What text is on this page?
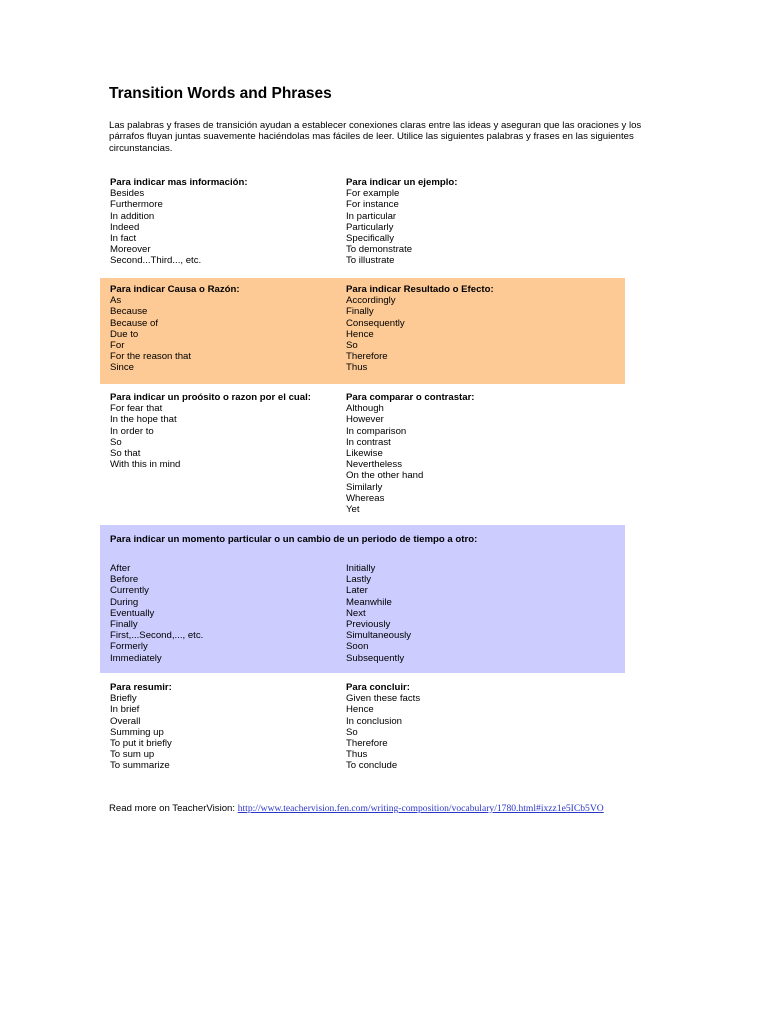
Transition Words and Phrases

Las palabras y frases de transición ayudan a establecer conexiones claras entre las ideas y aseguran que las oraciones y los párrafos fluyan juntas suavemente haciéndolas mas fáciles de leer. Utilice las siguientes palabras y frases en las siguientes circunstancias.

Para indicar mas información:
Besides
Furthermore
In addition
Indeed
In fact
Moreover
Second...Third..., etc.
Para indicar un ejemplo:
For example
For instance
In particular
Particularly
Specifically
To demonstrate
To illustrate
Para indicar Causa o Razón:
As
Because
Because of
Due to
For
For the reason that
Since
Para indicar Resultado o Efecto:
Accordingly
Finally
Consequently
Hence
So
Therefore
Thus
Para indicar un proósito o razon por el cual:
For fear that
In the hope that
In order to
So
So that
With this in mind
Para comparar o contrastar:
Although
However
In comparison
In contrast
Likewise
Nevertheless
On the other hand
Similarly
Whereas
Yet
Para indicar un momento particular o un cambio de un periodo de tiempo a otro:
After
Before
Currently
During
Eventually
Finally
First,...Second,..., etc.
Formerly
Immediately
Initially
Lastly
Later
Meanwhile
Next
Previously
Simultaneously
Soon
Subsequently
Para resumir:
Briefly
In brief
Overall
Summing up
To put it briefly
To sum up
To summarize
Para concluir:
Given these facts
Hence
In conclusion
So
Therefore
Thus
To conclude
Read more on TeacherVision: http://www.teachervision.fen.com/writing-composition/vocabulary/1780.html#ixzz1e5ICb5VO
